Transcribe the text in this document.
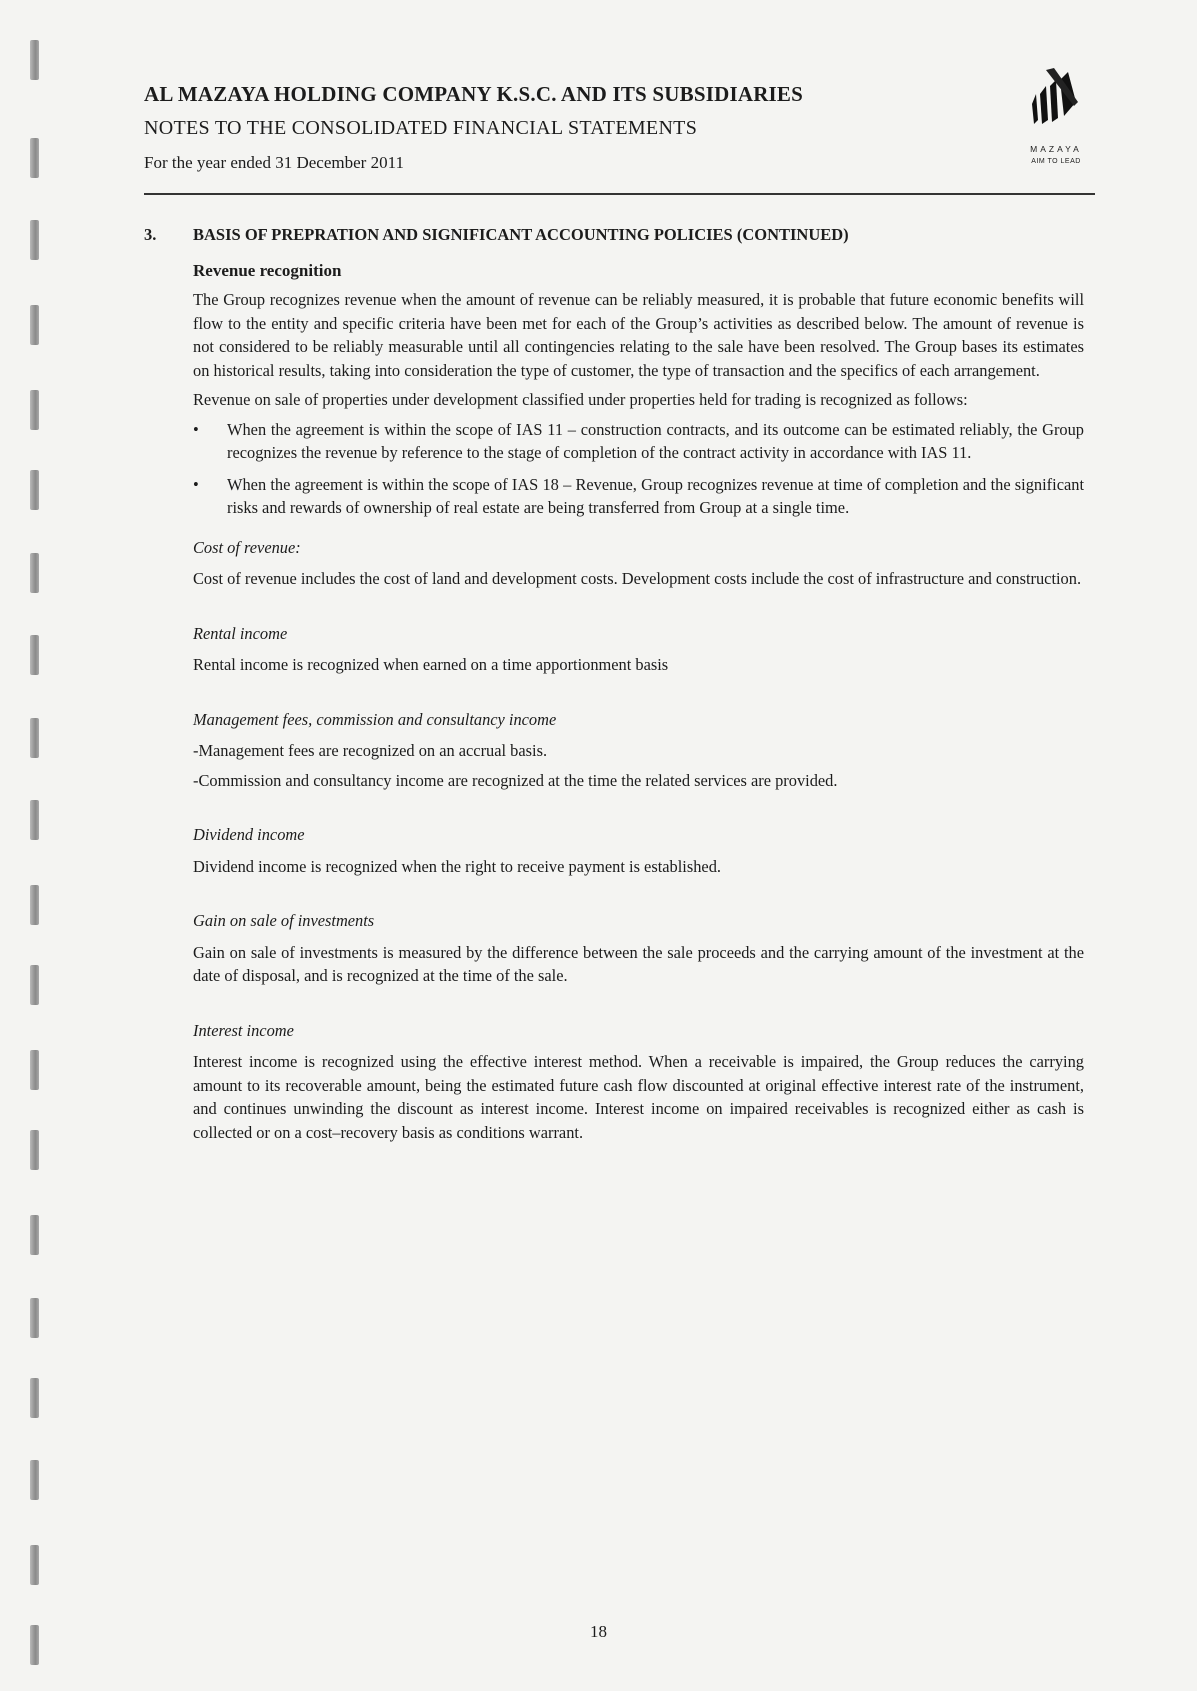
AL MAZAYA HOLDING COMPANY K.S.C. AND ITS SUBSIDIARIES

NOTES TO THE CONSOLIDATED FINANCIAL STATEMENTS

For the year ended 31 December 2011

MAZAYA
AIM TO LEAD
3.	BASIS OF PREPRATION AND SIGNIFICANT ACCOUNTING POLICIES (CONTINUED)
Revenue recognition

The Group recognizes revenue when the amount of revenue can be reliably measured, it is probable that future economic benefits will flow to the entity and specific criteria have been met for each of the Group’s activities as described below. The amount of revenue is not considered to be reliably measurable until all contingencies relating to the sale have been resolved. The Group bases its estimates on historical results, taking into consideration the type of customer, the type of transaction and the specifics of each arrangement.

Revenue on sale of properties under development classified under properties held for trading is recognized as follows:

• When the agreement is within the scope of IAS 11 – construction contracts, and its outcome can be estimated reliably, the Group recognizes the revenue by reference to the stage of completion of the contract activity in accordance with IAS 11.
• When the agreement is within the scope of IAS 18 – Revenue, Group recognizes revenue at time of completion and the significant risks and rewards of ownership of real estate are being transferred from Group at a single time.

Cost of revenue:

Cost of revenue includes the cost of land and development costs. Development costs include the cost of infrastructure and construction.

Rental income

Rental income is recognized when earned on a time apportionment basis

Management fees, commission and consultancy income

-Management fees are recognized on an accrual basis.

-Commission and consultancy income are recognized at the time the related services are provided.

Dividend income

Dividend income is recognized when the right to receive payment is established.

Gain on sale of investments

Gain on sale of investments is measured by the difference between the sale proceeds and the carrying amount of the investment at the date of disposal, and is recognized at the time of the sale.

Interest income

Interest income is recognized using the effective interest method. When a receivable is impaired, the Group reduces the carrying amount to its recoverable amount, being the estimated future cash flow discounted at original effective interest rate of the instrument, and continues unwinding the discount as interest income. Interest income on impaired receivables is recognized either as cash is collected or on a cost–recovery basis as conditions warrant.

18
